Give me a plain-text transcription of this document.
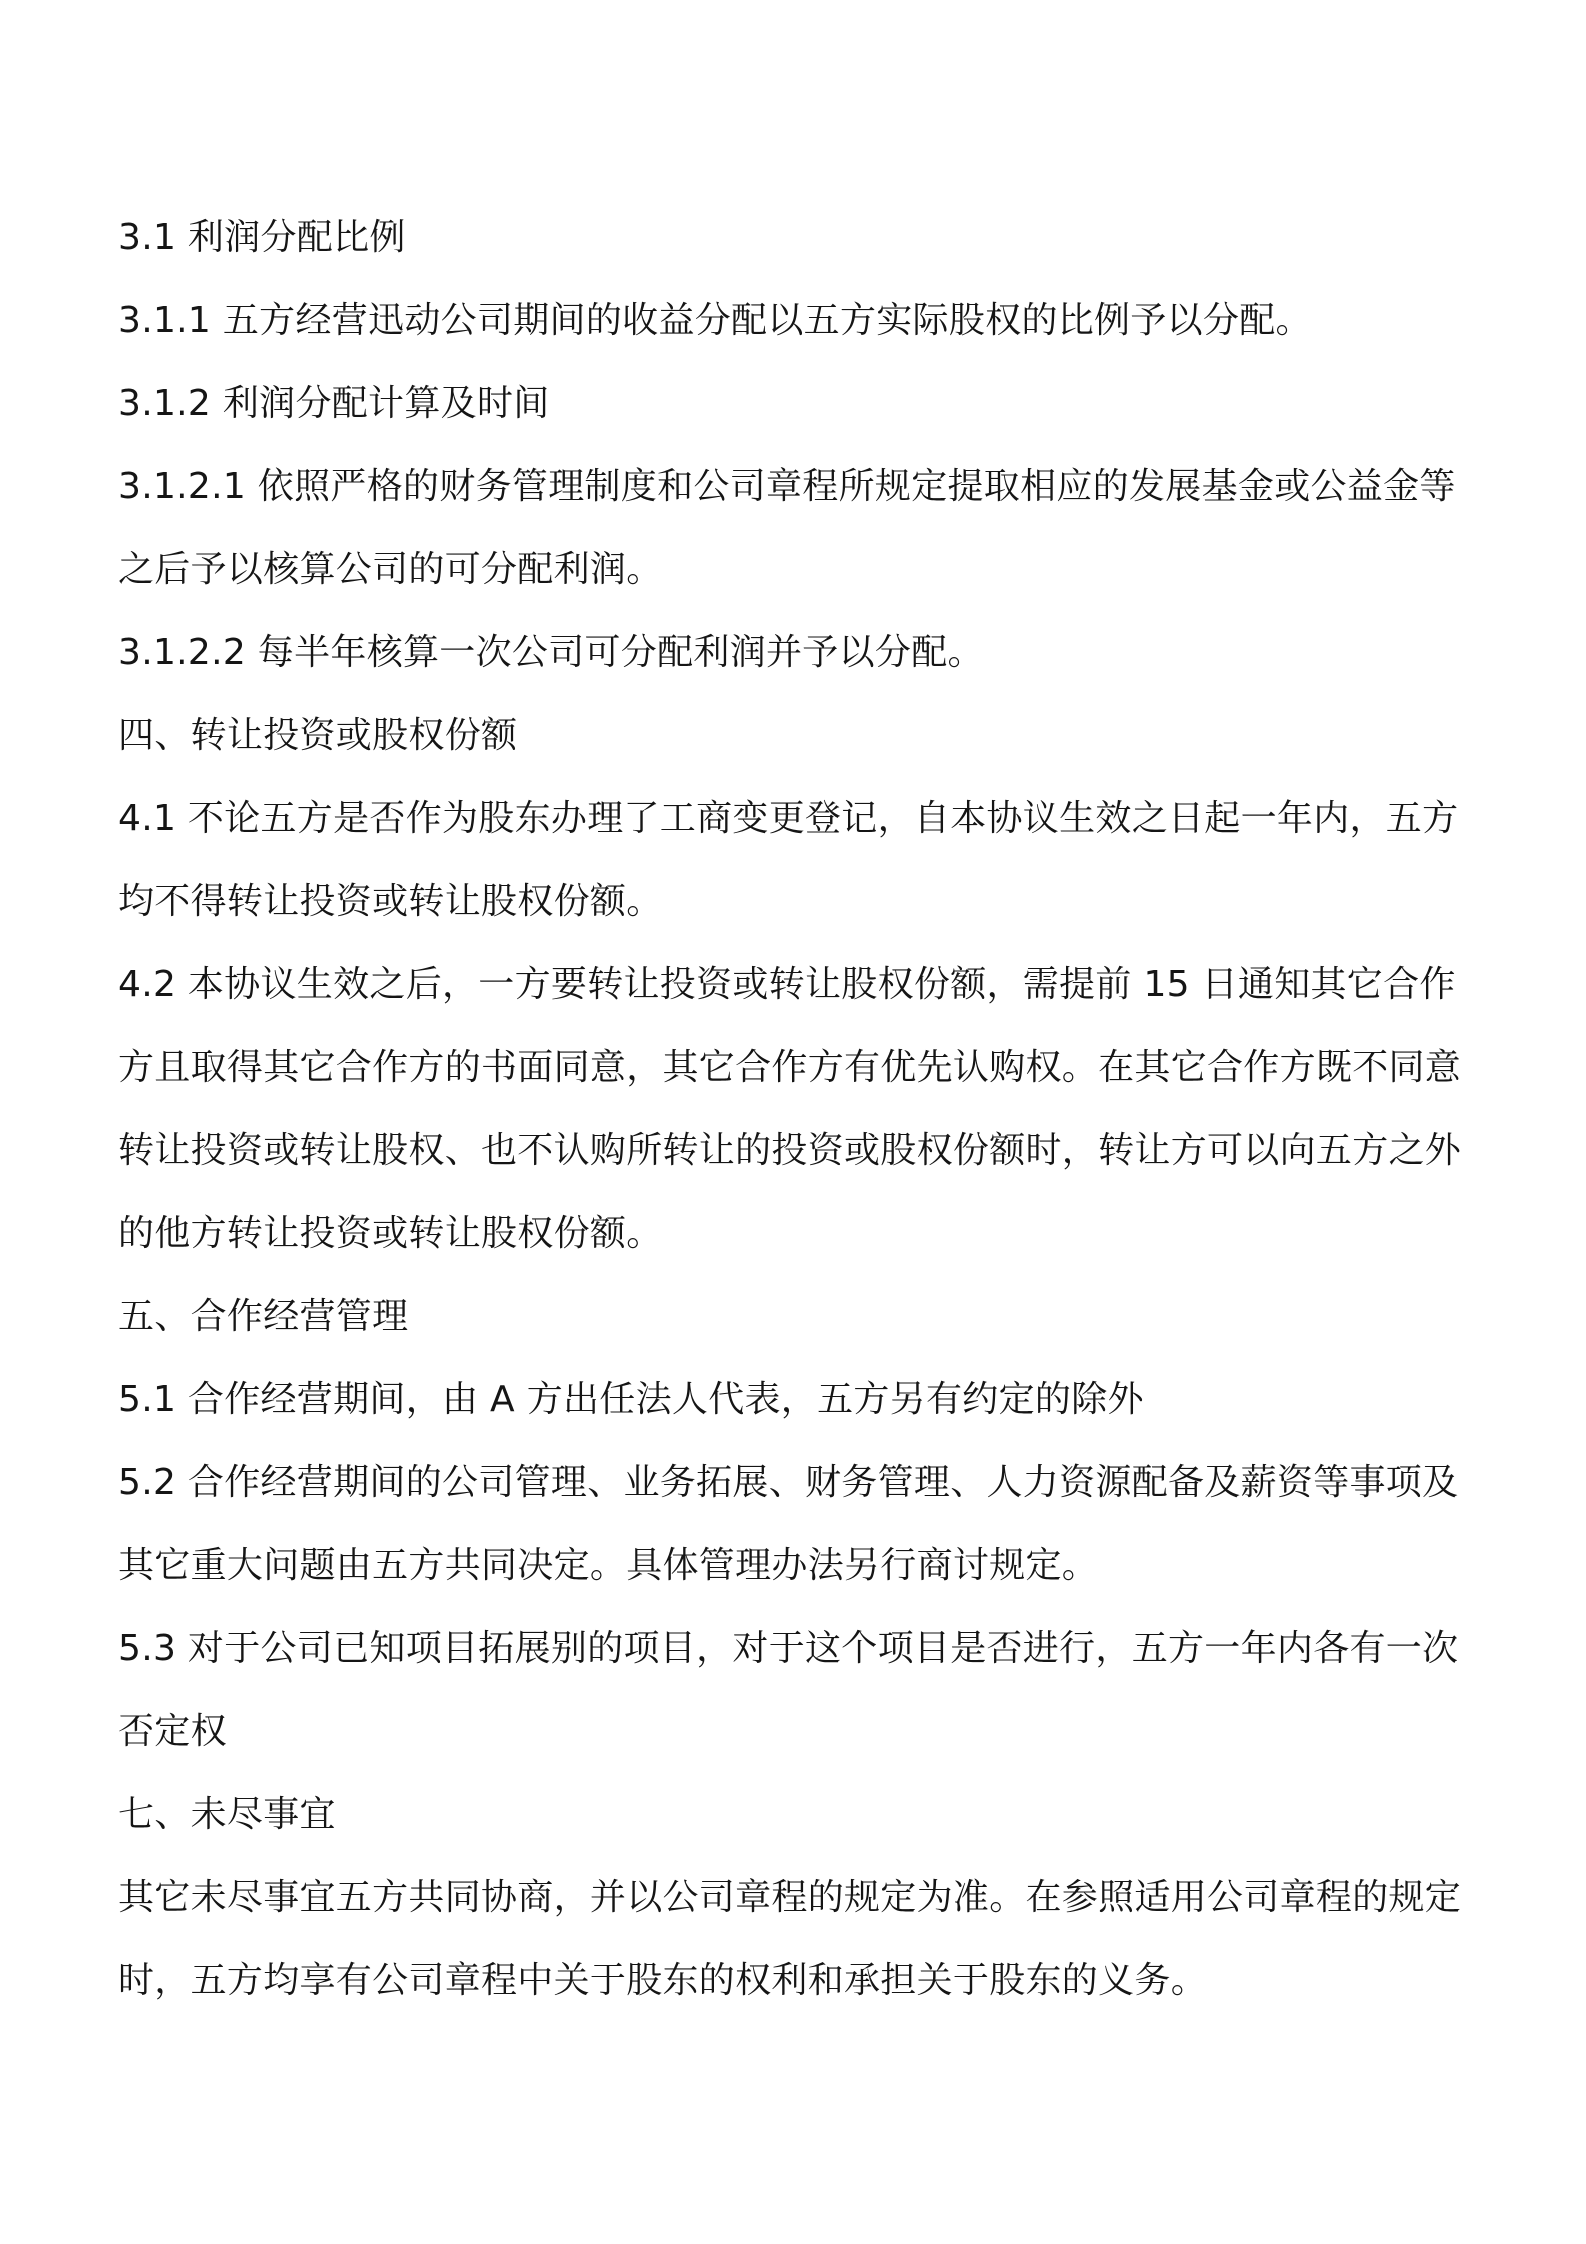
3.1 利润分配比例
3.1.1 五方经营迅动公司期间的收益分配以五方实际股权的比例予以分配。
3.1.2 利润分配计算及时间
3.1.2.1 依照严格的财务管理制度和公司章程所规定提取相应的发展基金或公益金等
之后予以核算公司的可分配利润。
3.1.2.2 每半年核算一次公司可分配利润并予以分配。
四、转让投资或股权份额
4.1 不论五方是否作为股东办理了工商变更登记，自本协议生效之日起一年内，五方
均不得转让投资或转让股权份额。
4.2 本协议生效之后，一方要转让投资或转让股权份额，需提前 15 日通知其它合作
方且取得其它合作方的书面同意，其它合作方有优先认购权。在其它合作方既不同意
转让投资或转让股权、也不认购所转让的投资或股权份额时，转让方可以向五方之外
的他方转让投资或转让股权份额。
五、合作经营管理
5.1 合作经营期间，由 A 方出任法人代表，五方另有约定的除外
5.2 合作经营期间的公司管理、业务拓展、财务管理、人力资源配备及薪资等事项及
其它重大问题由五方共同决定。具体管理办法另行商讨规定。
5.3 对于公司已知项目拓展别的项目，对于这个项目是否进行，五方一年内各有一次
否定权
七、未尽事宜
其它未尽事宜五方共同协商，并以公司章程的规定为准。在参照适用公司章程的规定
时，五方均享有公司章程中关于股东的权利和承担关于股东的义务。
